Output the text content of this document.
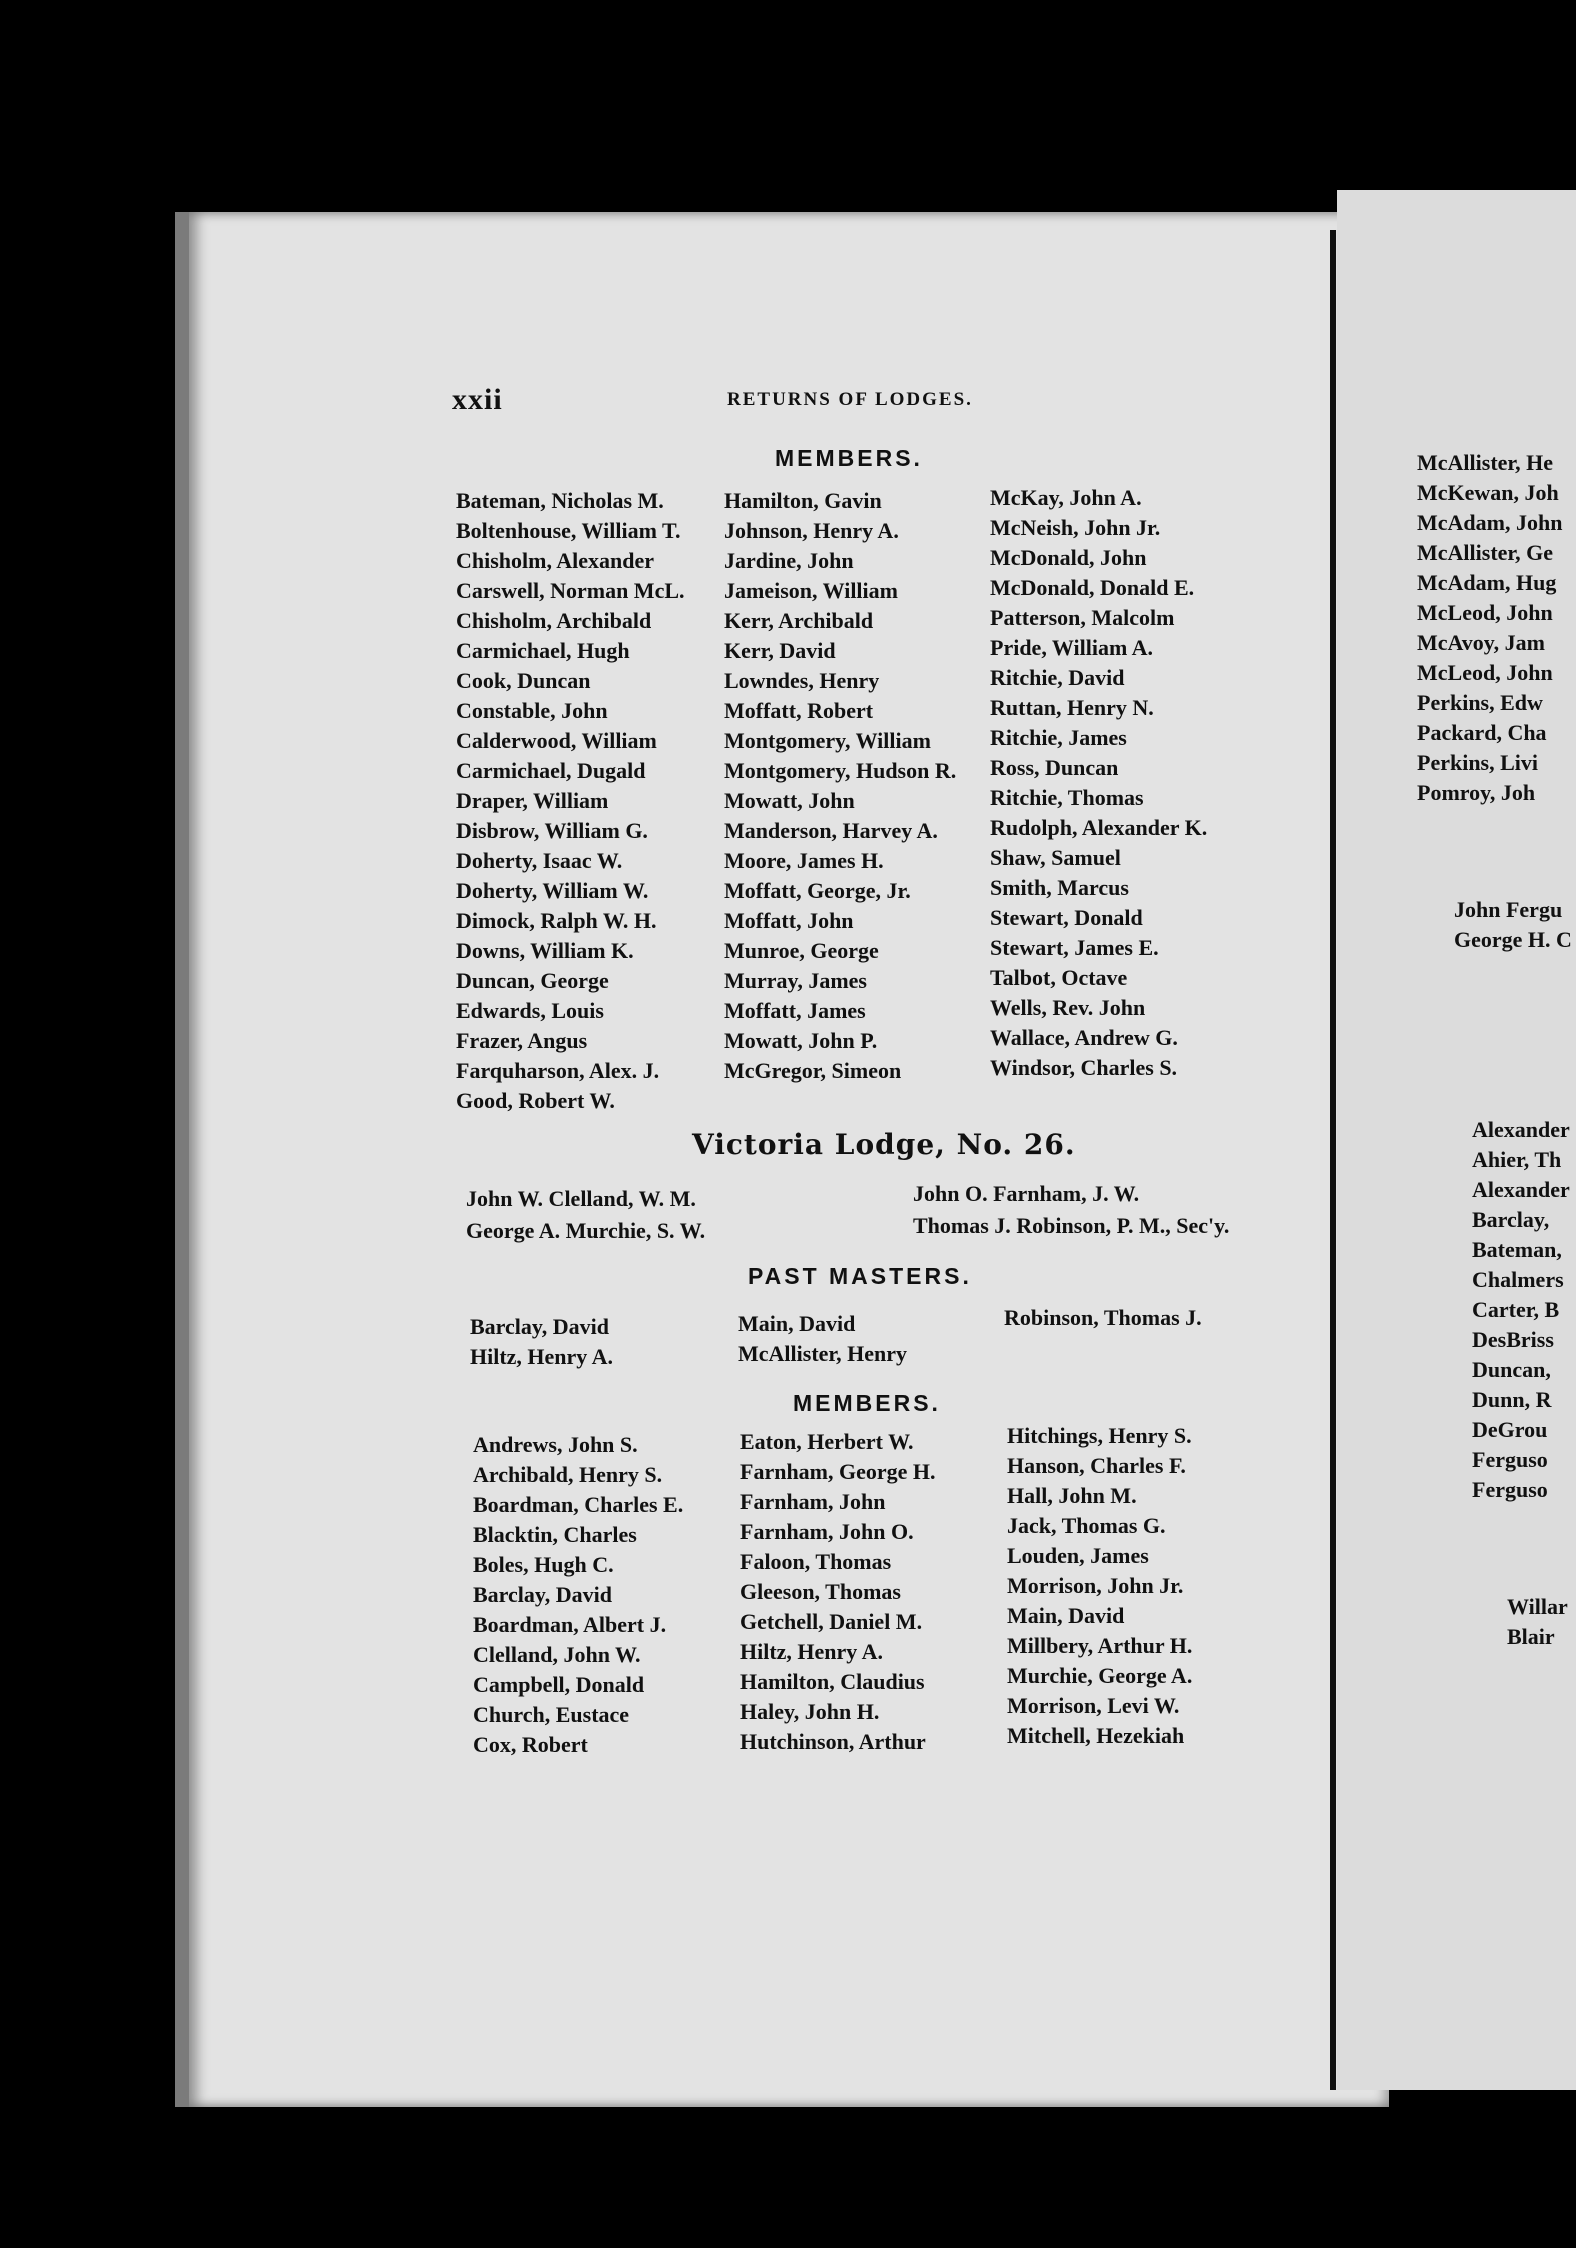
xxii	RETURNS OF LODGES.
MEMBERS.
Bateman, Nicholas M.
Boltenhouse, William T.
Chisholm, Alexander
Carswell, Norman McL.
Chisholm, Archibald
Carmichael, Hugh
Cook, Duncan
Constable, John
Calderwood, William
Carmichael, Dugald
Draper, William
Disbrow, William G.
Doherty, Isaac W.
Doherty, William W.
Dimock, Ralph W. H.
Downs, William K.
Duncan, George
Edwards, Louis
Frazer, Angus
Farquharson, Alex. J.
Good, Robert W.
Hamilton, Gavin
Johnson, Henry A.
Jardine, John
Jameison, William
Kerr, Archibald
Kerr, David
Lowndes, Henry
Moffatt, Robert
Montgomery, William
Montgomery, Hudson R.
Mowatt, John
Manderson, Harvey A.
Moore, James H.
Moffatt, George, Jr.
Moffatt, John
Munroe, George
Murray, James
Moffatt, James
Mowatt, John P.
McGregor, Simeon
McKay, John A.
McNeish, John Jr.
McDonald, John
McDonald, Donald E.
Patterson, Malcolm
Pride, William A.
Ritchie, David
Ruttan, Henry N.
Ritchie, James
Ross, Duncan
Ritchie, Thomas
Rudolph, Alexander K.
Shaw, Samuel
Smith, Marcus
Stewart, Donald
Stewart, James E.
Talbot, Octave
Wells, Rev. John
Wallace, Andrew G.
Windsor, Charles S.
Victoria Lodge, No. 26.
John W. Clelland, W. M.
George A. Murchie, S. W.
John O. Farnham, J. W.
Thomas J. Robinson, P. M., Sec'y.
PAST MASTERS.
Barclay, David
Hiltz, Henry A.
Main, David
McAllister, Henry
Robinson, Thomas J.
MEMBERS.
Andrews, John S.
Archibald, Henry S.
Boardman, Charles E.
Blacktin, Charles
Boles, Hugh C.
Barclay, David
Boardman, Albert J.
Clelland, John W.
Campbell, Donald
Church, Eustace
Cox, Robert
Eaton, Herbert W.
Farnham, George H.
Farnham, John
Farnham, John O.
Faloon, Thomas
Gleeson, Thomas
Getchell, Daniel M.
Hiltz, Henry A.
Hamilton, Claudius
Haley, John H.
Hutchinson, Arthur
Hitchings, Henry S.
Hanson, Charles F.
Hall, John M.
Jack, Thomas G.
Louden, James
Morrison, John Jr.
Main, David
Millbery, Arthur H.
Murchie, George A.
Morrison, Levi W.
Mitchell, Hezekiah
McAllister, He
McKewan, Joh
McAdam, John
McAllister, Ge
McAdam, Hug
McLeod, John
McAvoy, Jam
McLeod, John
Perkins, Edw
Packard, Cha
Perkins, Livi
Pomroy, Joh
John Fergu
George H. C
Alexander
Ahier, Th
Alexander
Barclay,
Bateman,
Chalmers
Carter, B
DesBriss
Duncan,
Dunn, R
DeGrou
Ferguso
Ferguso
Willar
Blair
